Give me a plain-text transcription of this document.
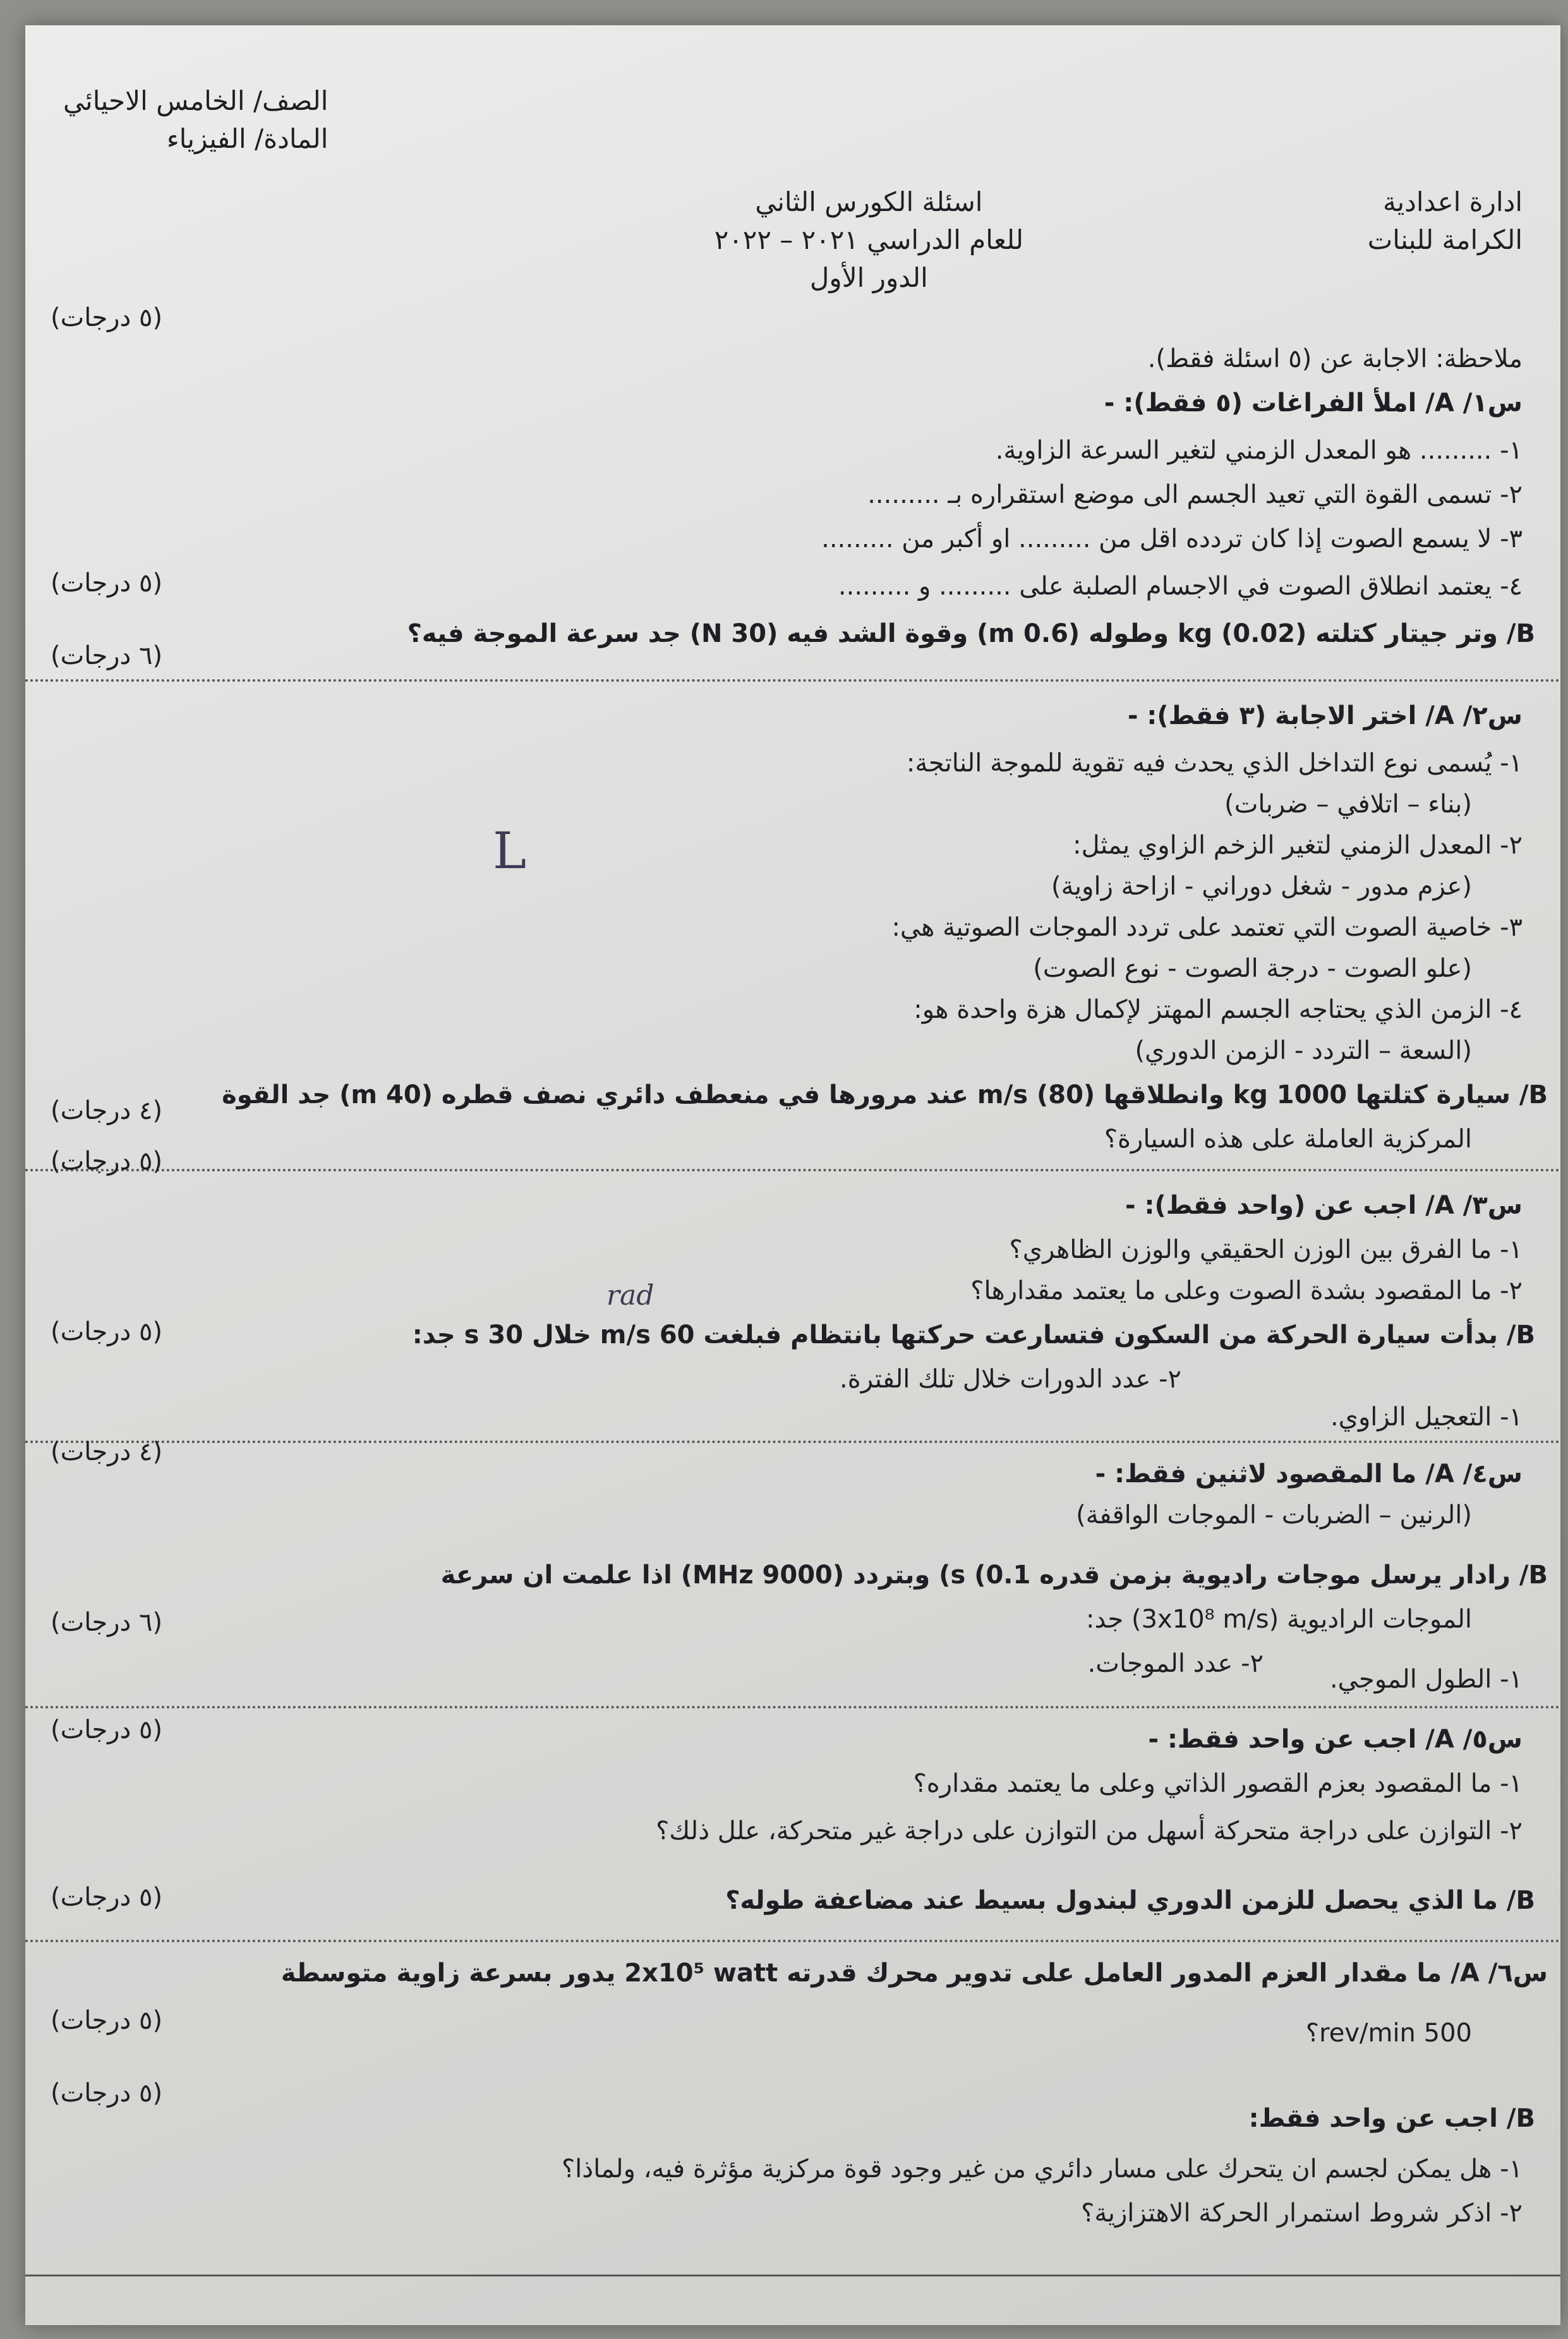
ادارة اعدادية
الكرامة للبنات
اسئلة الكورس الثاني
للعام الدراسي ٢٠٢١ – ٢٠٢٢
الدور الأول
الصف/ الخامس الاحيائي
المادة/ الفيزياء
(٥ درجات)
ملاحظة: الاجابة عن (٥ اسئلة فقط).
س١/ A/ املأ الفراغات (٥ فقط): -
١- ......... هو المعدل الزمني لتغير السرعة الزاوية.
٢- تسمى القوة التي تعيد الجسم الى موضع استقراره بـ .........
٣- لا يسمع الصوت إذا كان تردده اقل من ......... او أكبر من .........
(٥ درجات)	٤- يعتمد انطلاق الصوت في الاجسام الصلبة على ......... و .........
B/ وتر جيتار كتلته (0.02) kg وطوله (0.6 m) وقوة الشد فيه (30 N) جد سرعة الموجة فيه؟
(٦ درجات)
س٢/ A/ اختر الاجابة (٣ فقط): -
١- يُسمى نوع التداخل الذي يحدث فيه تقوية للموجة الناتجة:
(بناء – اتلافي – ضربات)
٢- المعدل الزمني لتغير الزخم الزاوي يمثل:
(عزم مدور - شغل دوراني - ازاحة زاوية)
٣- خاصية الصوت التي تعتمد على تردد الموجات الصوتية هي:
(علو الصوت - درجة الصوت - نوع الصوت)
٤- الزمن الذي يحتاجه الجسم المهتز لإكمال هزة واحدة هو:
(السعة – التردد - الزمن الدوري)
B/ سيارة كتلتها 1000 kg وانطلاقها (80) m/s عند مرورها في منعطف دائري نصف قطره (40 m) جد القوة
(٤ درجات)
المركزية العاملة على هذه السيارة؟
L
(٥ درجات)
س٣/ A/ اجب عن (واحد فقط): -
١- ما الفرق بين الوزن الحقيقي والوزن الظاهري؟
٢- ما المقصود بشدة الصوت وعلى ما يعتمد مقدارها؟
rad
B/ بدأت سيارة الحركة من السكون فتسارعت حركتها بانتظام فبلغت 60 m/s خلال 30 s جد:
(٥ درجات)
٢- عدد الدورات خلال تلك الفترة.
١- التعجيل الزاوي.
(٤ درجات)
س٤/ A/ ما المقصود لاثنين فقط: -
(الرنين – الضربات - الموجات الواقفة)
B/ رادار يرسل موجات راديوية بزمن قدره 0.1) s) وبتردد (9000 MHz) اذا علمت ان سرعة
الموجات الراديوية (3x10⁸ m/s) جد:
(٦ درجات)
٢- عدد الموجات.
١- الطول الموجي.
(٥ درجات)	س٥/ A/ اجب عن واحد فقط: -
١- ما المقصود بعزم القصور الذاتي وعلى ما يعتمد مقداره؟
٢- التوازن على دراجة متحركة أسهل من التوازن على دراجة غير متحركة، علل ذلك؟
B/ ما الذي يحصل للزمن الدوري لبندول بسيط عند مضاعفة طوله؟
(٥ درجات)
س٦/ A/ ما مقدار العزم المدور العامل على تدوير محرك قدرته 2x10⁵ watt يدور بسرعة زاوية متوسطة
(٥ درجات)	500 rev/min؟
(٥ درجات)
B/ اجب عن واحد فقط:
١- هل يمكن لجسم ان يتحرك على مسار دائري من غير وجود قوة مركزية مؤثرة فيه، ولماذا؟
٢- اذكر شروط استمرار الحركة الاهتزازية؟
